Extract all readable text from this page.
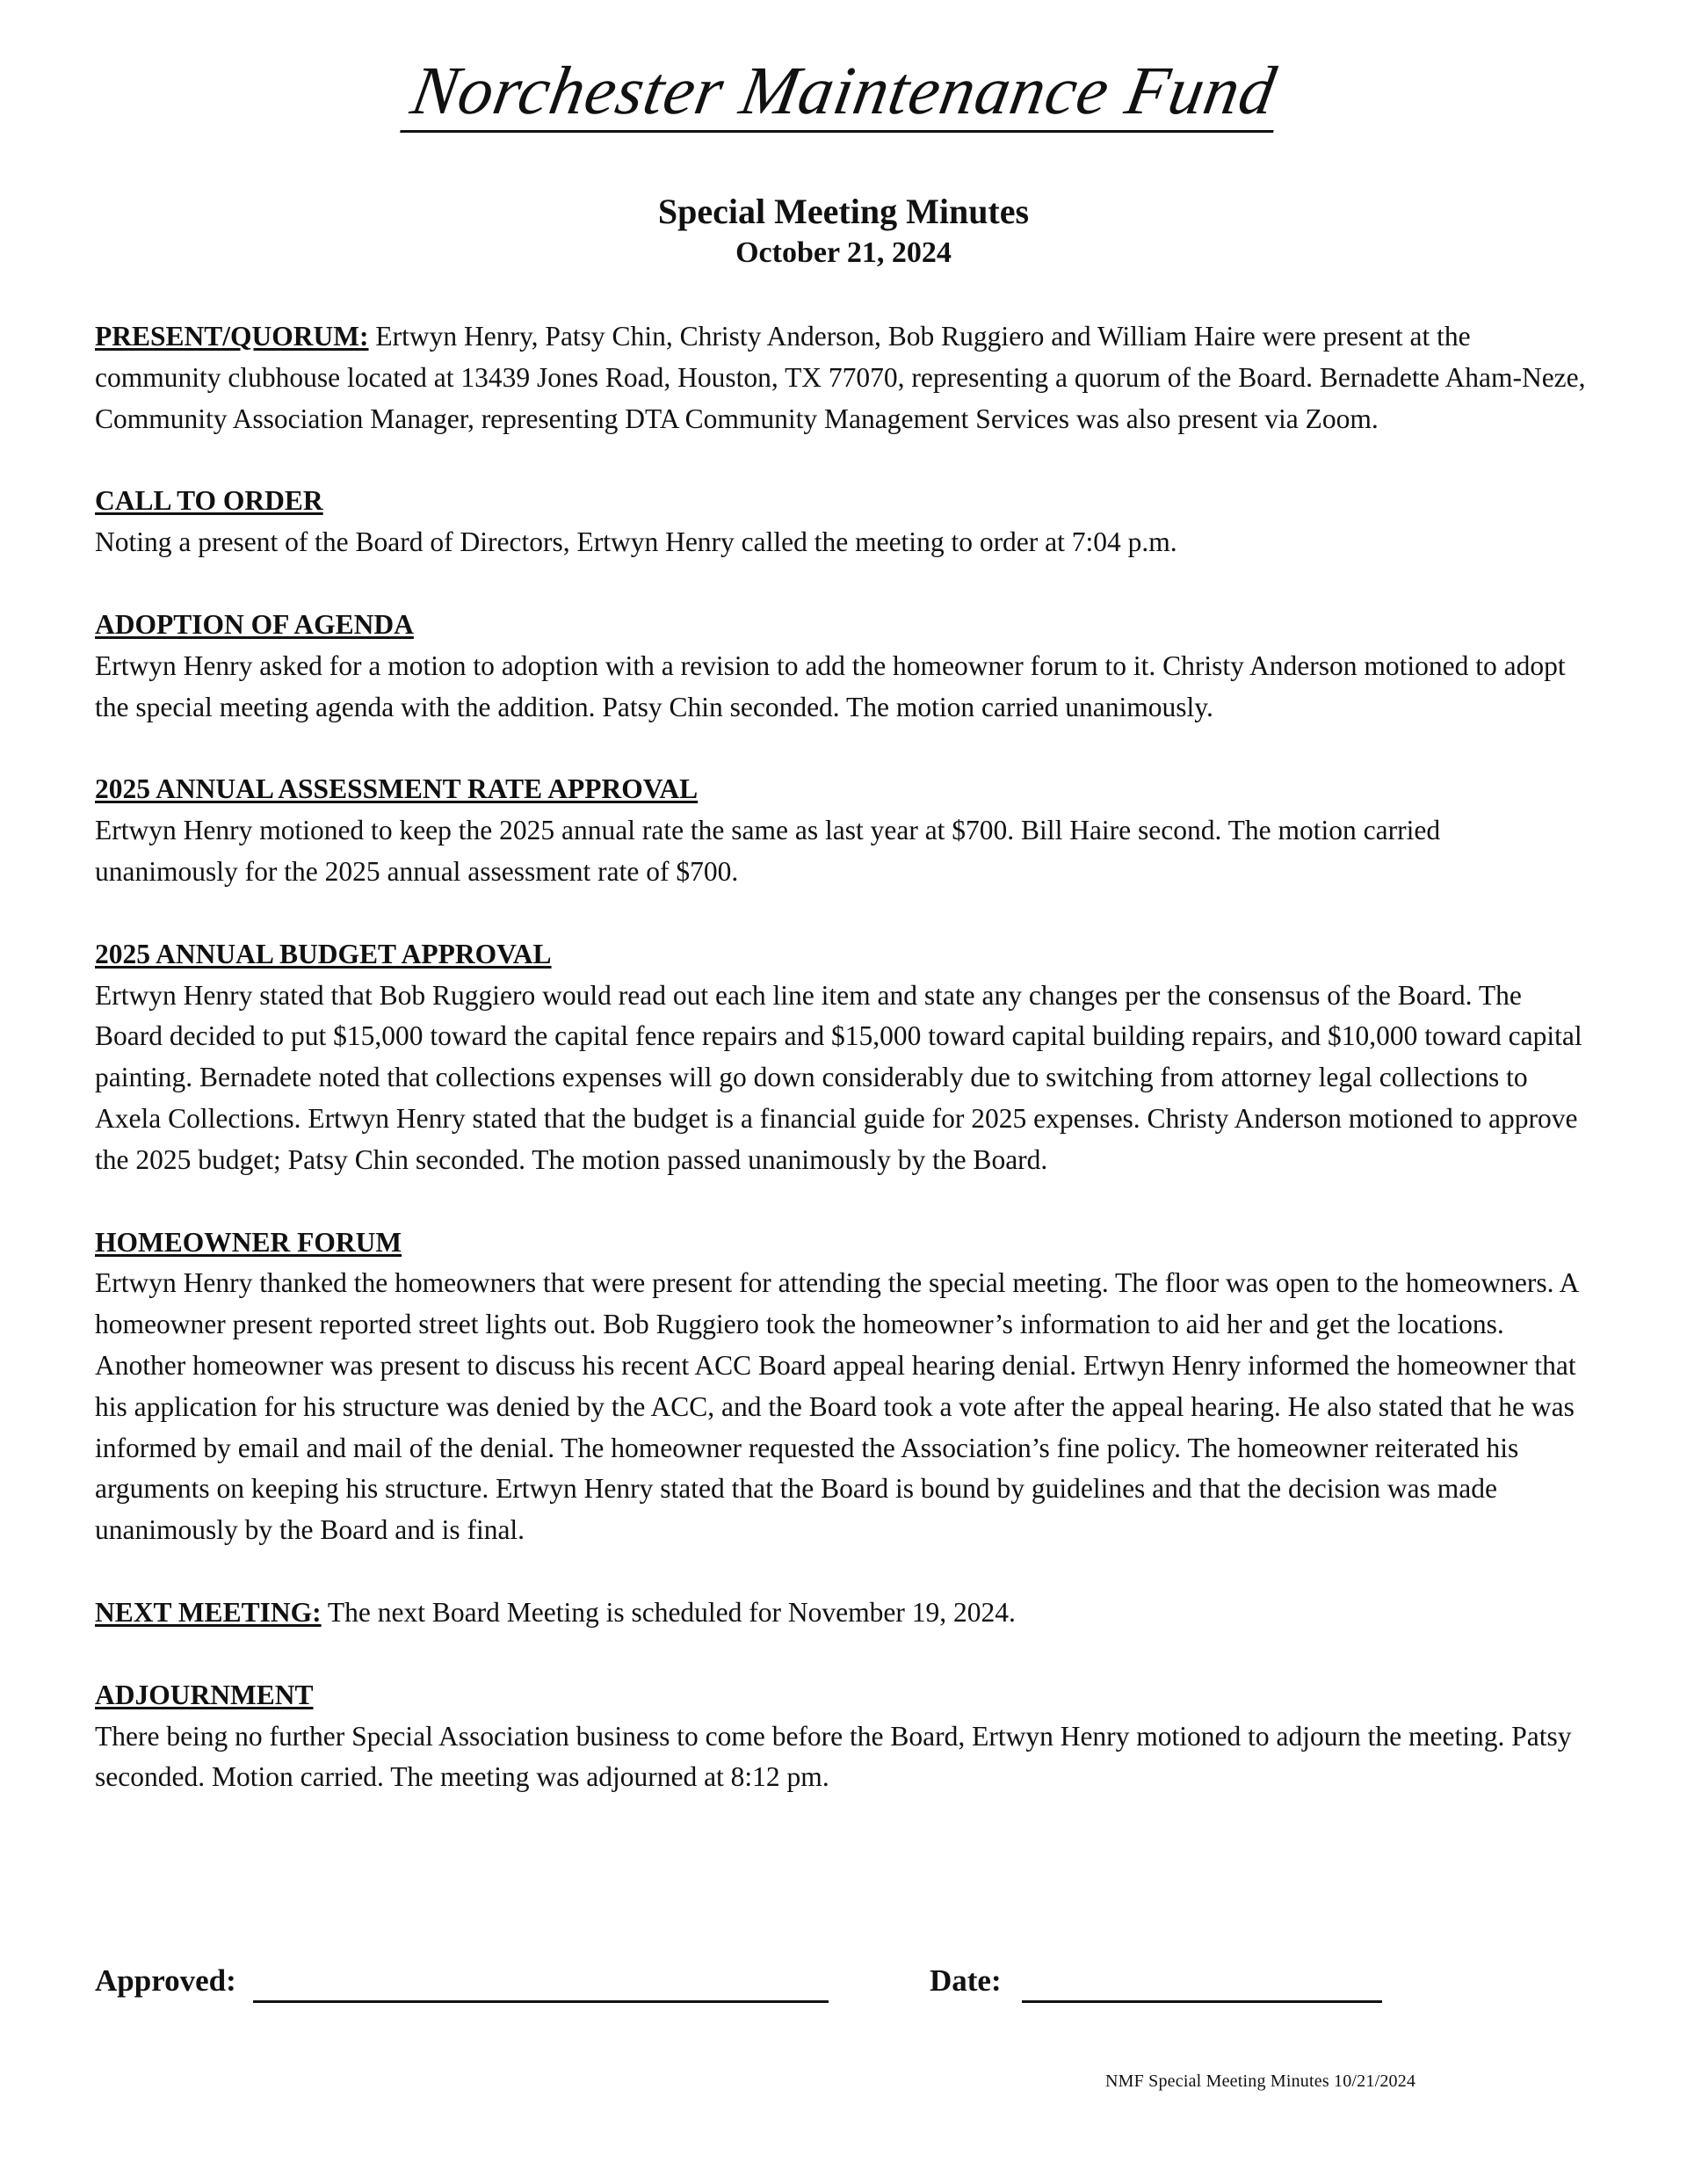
Norchester Maintenance Fund
Special Meeting Minutes
October 21, 2024
PRESENT/QUORUM: Ertwyn Henry, Patsy Chin, Christy Anderson, Bob Ruggiero and William Haire were present at the community clubhouse located at 13439 Jones Road, Houston, TX 77070, representing a quorum of the Board. Bernadette Aham-Neze, Community Association Manager, representing DTA Community Management Services was also present via Zoom.
CALL TO ORDER
Noting a present of the Board of Directors, Ertwyn Henry called the meeting to order at 7:04 p.m.
ADOPTION OF AGENDA
Ertwyn Henry asked for a motion to adoption with a revision to add the homeowner forum to it. Christy Anderson motioned to adopt the special meeting agenda with the addition. Patsy Chin seconded. The motion carried unanimously.
2025 ANNUAL ASSESSMENT RATE APPROVAL
Ertwyn Henry motioned to keep the 2025 annual rate the same as last year at $700. Bill Haire second. The motion carried unanimously for the 2025 annual assessment rate of $700.
2025 ANNUAL BUDGET APPROVAL
Ertwyn Henry stated that Bob Ruggiero would read out each line item and state any changes per the consensus of the Board. The Board decided to put $15,000 toward the capital fence repairs and $15,000 toward capital building repairs, and $10,000 toward capital painting. Bernadete noted that collections expenses will go down considerably due to switching from attorney legal collections to Axela Collections. Ertwyn Henry stated that the budget is a financial guide for 2025 expenses. Christy Anderson motioned to approve the 2025 budget; Patsy Chin seconded. The motion passed unanimously by the Board.
HOMEOWNER FORUM
Ertwyn Henry thanked the homeowners that were present for attending the special meeting. The floor was open to the homeowners. A homeowner present reported street lights out. Bob Ruggiero took the homeowner’s information to aid her and get the locations. Another homeowner was present to discuss his recent ACC Board appeal hearing denial. Ertwyn Henry informed the homeowner that his application for his structure was denied by the ACC, and the Board took a vote after the appeal hearing. He also stated that he was informed by email and mail of the denial. The homeowner requested the Association’s fine policy. The homeowner reiterated his arguments on keeping his structure. Ertwyn Henry stated that the Board is bound by guidelines and that the decision was made unanimously by the Board and is final.
NEXT MEETING: The next Board Meeting is scheduled for November 19, 2024.
ADJOURNMENT
There being no further Special Association business to come before the Board, Ertwyn Henry motioned to adjourn the meeting. Patsy seconded. Motion carried. The meeting was adjourned at 8:12 pm.
Approved:	Date:
NMF Special Meeting Minutes 10/21/2024
